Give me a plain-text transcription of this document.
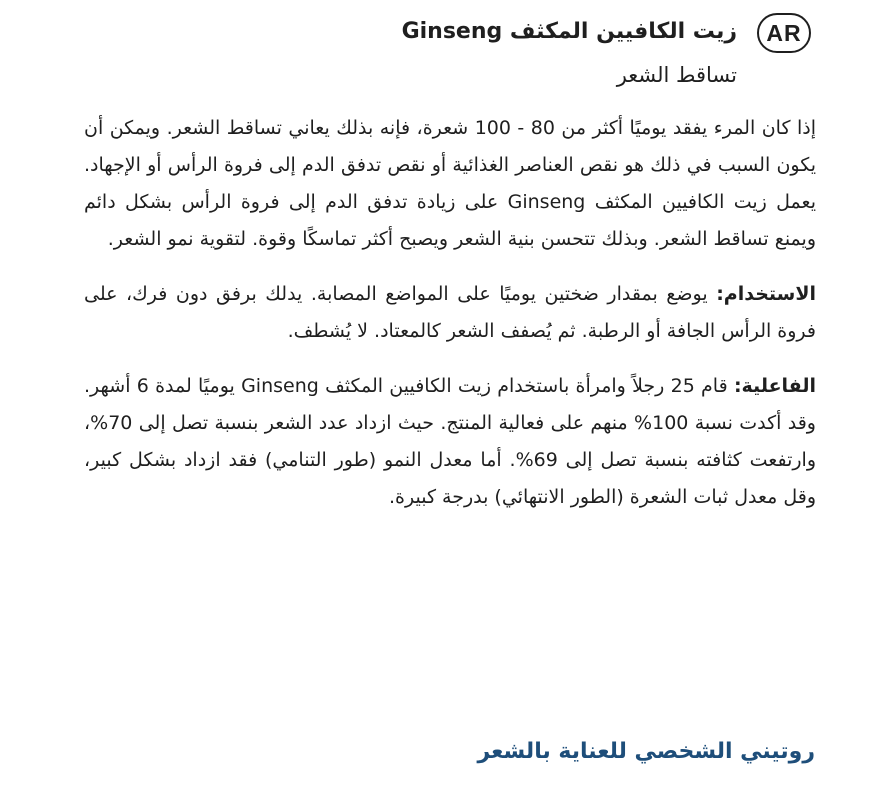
AR
زيت الكافيين المكثف Ginseng
تساقط الشعر

إذا كان المرء يفقد يوميًا أكثر من 80 - 100 شعرة، فإنه بذلك يعاني تساقط الشعر. ويمكن أن يكون السبب في ذلك هو نقص العناصر الغذائية أو نقص تدفق الدم إلى فروة الرأس أو الإجهاد. يعمل زيت الكافيين المكثف Ginseng على زيادة تدفق الدم إلى فروة الرأس بشكل دائم ويمنع تساقط الشعر. وبذلك تتحسن بنية الشعر ويصبح أكثر تماسكًا وقوة. لتقوية نمو الشعر.

الاستخدام: يوضع بمقدار ضختين يوميًا على المواضع المصابة. يدلك برفق دون فرك، على فروة الرأس الجافة أو الرطبة. ثم يُصفف الشعر كالمعتاد. لا يُشطف.

الفاعلية: قام 25 رجلاً وامرأة باستخدام زيت الكافيين المكثف Ginseng يوميًا لمدة 6 أشهر. وقد أكدت نسبة 100% منهم على فعالية المنتج. حيث ازداد عدد الشعر بنسبة تصل إلى 70%، وارتفعت كثافته بنسبة تصل إلى 69%. أما معدل النمو (طور التنامي) فقد ازداد بشكل كبير، وقل معدل ثبات الشعرة (الطور الانتهائي) بدرجة كبيرة.

روتيني الشخصي للعناية بالشعر
